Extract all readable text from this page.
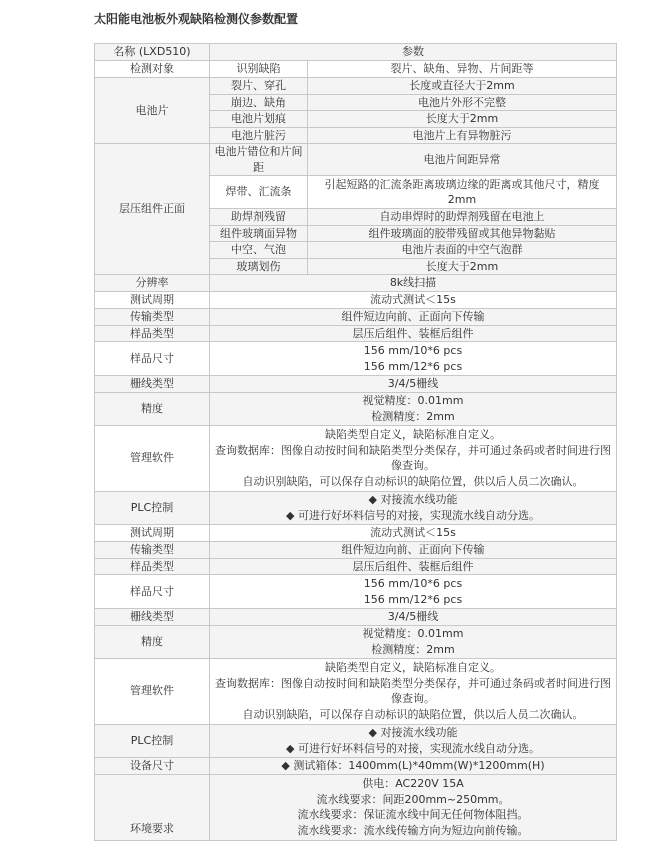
太阳能电池板外观缺陷检测仪参数配置
名称 (LXD510)	参数	
检测对象	识别缺陷	裂片、缺角、异物、片间距等
电池片	裂片、穿孔	长度或直径大于2mm
	崩边、缺角	电池片外形不完整
	电池片划痕	长度大于2mm
	电池片脏污	电池片上有异物脏污
层压组件正面	电池片错位和片间距	电池片间距异常
	焊带、汇流条	引起短路的汇流条距离玻璃边缘的距离或其他尺寸，精度2mm
	助焊剂残留	自动串焊时的助焊剂残留在电池上
	组件玻璃面异物	组件玻璃面的胶带残留或其他异物黏贴
	中空、气泡	电池片表面的中空气泡群
	玻璃划伤	长度大于2mm
分辨率	8k线扫描	
测试周期	流动式测试＜15s	
传输类型	组件短边向前、正面向下传输	
样品类型	层压后组件、装框后组件	
样品尺寸	156 mm/10*6 pcs
156 mm/12*6 pcs	

栅线类型	3/4/5栅线	
精度	视觉精度：0.01mm
检测精度：2mm	

管理软件	缺陷类型自定义，缺陷标准自定义。
查询数据库：图像自动按时间和缺陷类型分类保存，并可通过条码或者时间进行图像查询。
自动识别缺陷，可以保存自动标识的缺陷位置，供以后人员二次确认。	

PLC控制	◆ 对接流水线功能
◆ 可进行好坏料信号的对接，实现流水线自动分选。	

测试周期	流动式测试＜15s	
传输类型	组件短边向前、正面向下传输	
样品类型	层压后组件、装框后组件	
样品尺寸	156 mm/10*6 pcs
156 mm/12*6 pcs	

栅线类型	3/4/5栅线	
精度	视觉精度：0.01mm
检测精度：2mm	

管理软件	缺陷类型自定义，缺陷标准自定义。
查询数据库：图像自动按时间和缺陷类型分类保存，并可通过条码或者时间进行图像查询。
自动识别缺陷，可以保存自动标识的缺陷位置，供以后人员二次确认。	

PLC控制	◆ 对接流水线功能
◆ 可进行好坏料信号的对接，实现流水线自动分选。	

设备尺寸	◆ 测试箱体：1400mm(L)*40mm(W)*1200mm(H)	
环境要求	供电：AC220V 15A
流水线要求：间距200mm~250mm。
流水线要求：保证流水线中间无任何物体阻挡。
流水线要求：流水线传输方向为短边向前传输。	
